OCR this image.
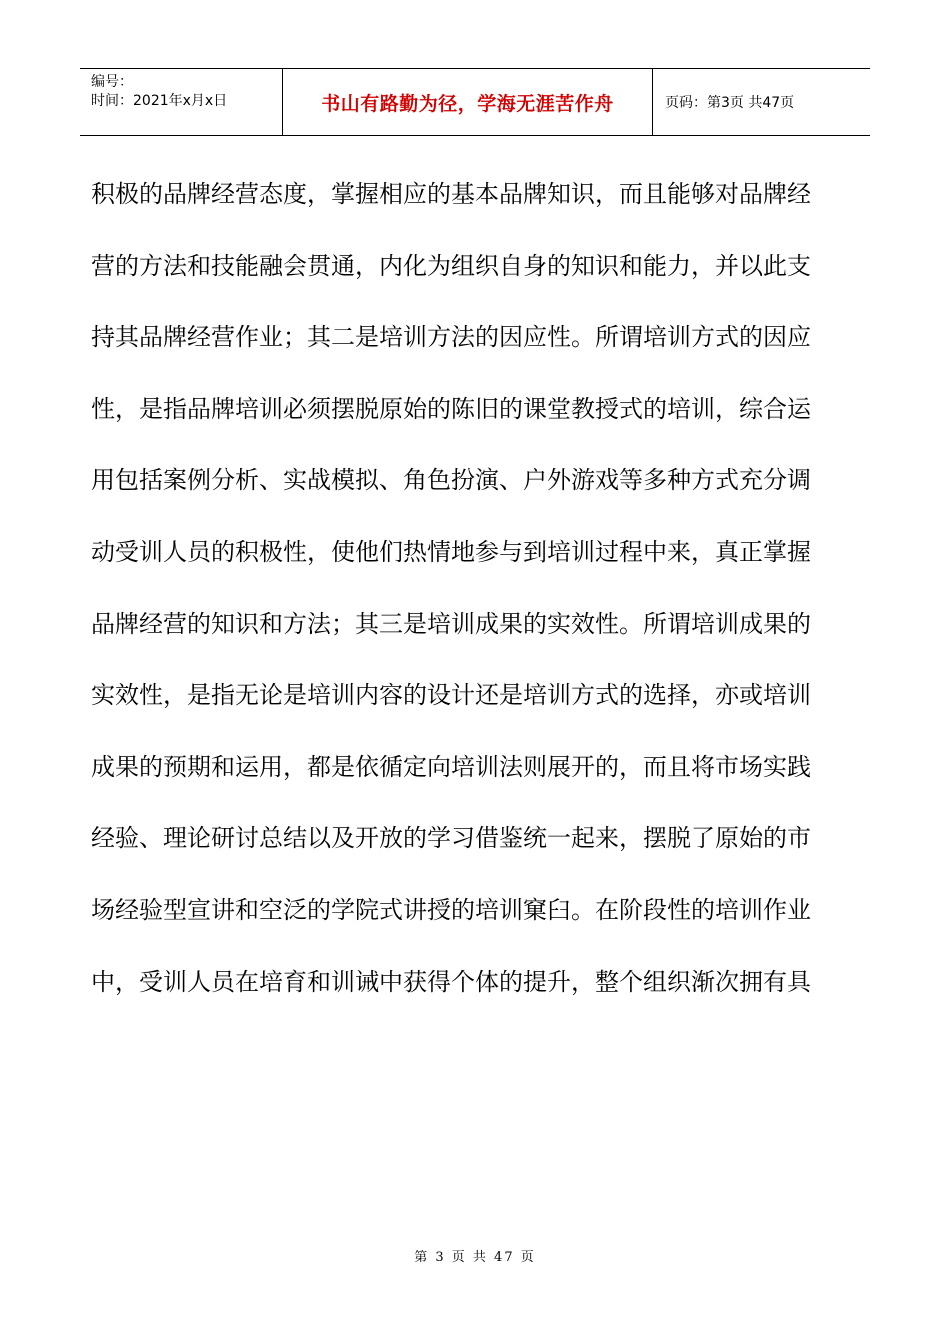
编号：
时间：2021年x月x日	书山有路勤为径，学海无涯苦作舟	页码：第3页 共47页
积极的品牌经营态度，掌握相应的基本品牌知识，而且能够对品牌经
营的方法和技能融会贯通，内化为组织自身的知识和能力，并以此支
持其品牌经营作业；其二是培训方法的因应性。所谓培训方式的因应
性，是指品牌培训必须摆脱原始的陈旧的课堂教授式的培训，综合运
用包括案例分析、实战模拟、角色扮演、户外游戏等多种方式充分调
动受训人员的积极性，使他们热情地参与到培训过程中来，真正掌握
品牌经营的知识和方法；其三是培训成果的实效性。所谓培训成果的
实效性，是指无论是培训内容的设计还是培训方式的选择，亦或培训
成果的预期和运用，都是依循定向培训法则展开的，而且将市场实践
经验、理论研讨总结以及开放的学习借鉴统一起来，摆脱了原始的市
场经验型宣讲和空泛的学院式讲授的培训窠臼。在阶段性的培训作业
中，受训人员在培育和训诫中获得个体的提升，整个组织渐次拥有具
第 3 页 共 47 页
